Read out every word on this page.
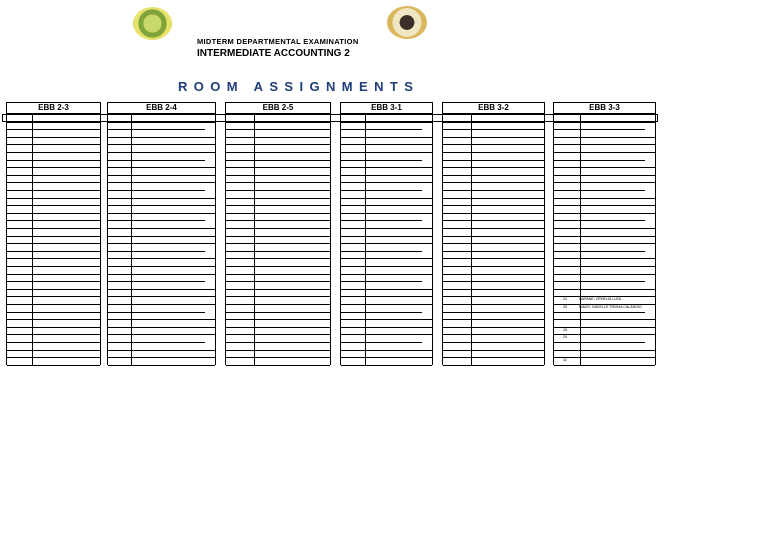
MIDTERM DEPARTMENTAL EXAMINATION
INTERMEDIATE ACCOUNTING 2
ROOM ASSIGNMENTS
EBB 2-3	EBB 2-4	EBB 2-5	EBB 3-1	EBB 3-2	EBB 3-3
24	GAPANE, OPHELIA LUZA
25	DIAZO, DANYLLE TRISHA CALANGIO
28
29
32
